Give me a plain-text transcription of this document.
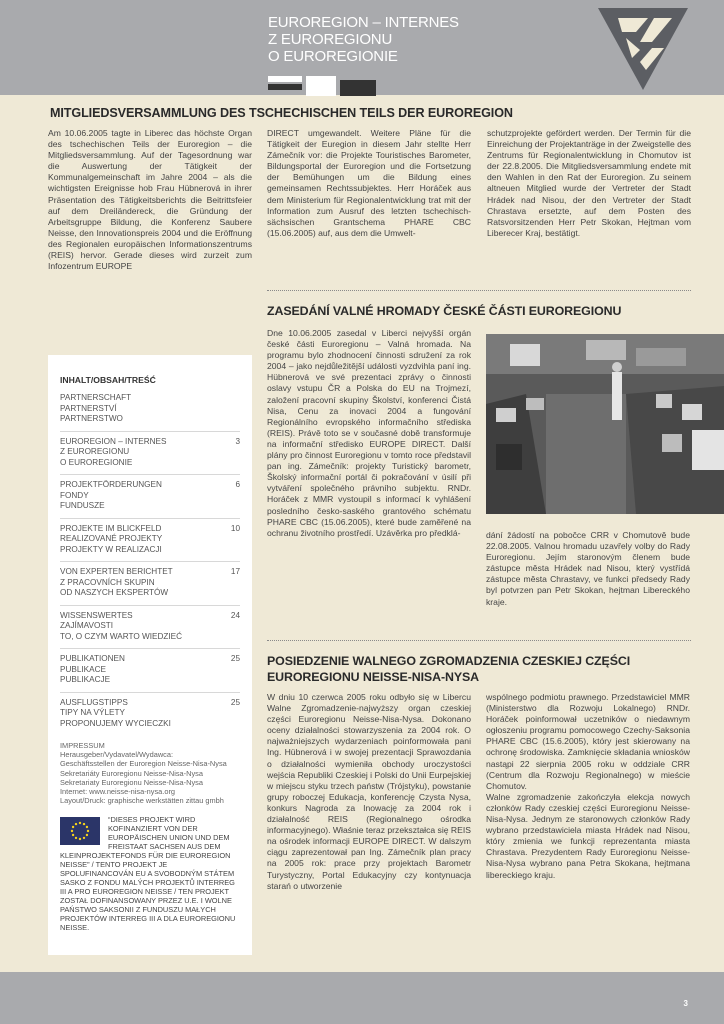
EUROREGION – INTERNES
Z EUROREGIONU
O EUROREGIONIE
MITGLIEDSVERSAMMLUNG DES TSCHECHISCHEN TEILS DER EUROREGION
Am 10.06.2005 tagte in Liberec das höchste Organ des tschechischen Teils der Euroregion – die Mitgliedsversammlung. Auf der Tagesordnung war die Auswertung der Tätigkeit der Kommunalgemeinschaft im Jahre 2004 – als die wichtigsten Ereignisse hob Frau Hübnerová in ihrer Präsentation des Tätigkeitsberichts die Beitrittsfeier auf dem Dreiländereck, die Gründung der Arbeitsgruppe Bildung, die Konferenz Saubere Neisse, den Innovationspreis 2004 und die Eröffnung des Regionalen europäischen Informationszentrums (REIS) hervor. Gerade dieses wird zurzeit zum Infozentrum EUROPE
DIRECT umgewandelt. Weitere Pläne für die Tätigkeit der Euregion in diesem Jahr stellte Herr Zámečník vor: die Projekte Touristisches Barometer, Bildungsportal der Euroregion und die Fortsetzung der Bemühungen um die Bildung eines gemeinsamen Rechtssubjektes. Herr Horáček aus dem Ministerium für Regionalentwicklung trat mit der Information zum Ausruf des letzten tschechisch-sächsischen Grantschema PHARE CBC (15.06.2005) auf, aus dem die Umwelt-
schutzprojekte gefördert werden. Der Termin für die Einreichung der Projektanträge in der Zweigstelle des Zentrums für Regionalentwicklung in Chomutov ist der 22.8.2005. Die Mitgliedsversammlung endete mit den Wahlen in den Rat der Euroregion. Zu seinem altneuen Mitglied wurde der Vertreter der Stadt Hrádek nad Nisou, der den Vertreter der Stadt Chrastava ersetzte, auf dem Posten des Ratsvorsitzenden Herr Petr Skokan, Hejtman vom Liberecer Kraj, bestätigt.
ZASEDÁNÍ VALNÉ HROMADY ČESKÉ ČÁSTI EUROREGIONU
Dne 10.06.2005 zasedal v Liberci nejvyšší orgán české části Euroregionu – Valná hromada. Na programu bylo zhodnocení činnosti sdružení za rok 2004 – jako nejdůležitější události vyzdvihla paní ing. Hübnerová ve své prezentaci zprávy o činnosti oslavy vstupu ČR a Polska do EU na Trojmezí, založení pracovní skupiny Školství, konferenci Čistá Nisa, Cenu za inovaci 2004 a fungování Regionálního evropského informačního střediska (REIS). Právě toto se v současné době transformuje na informační středisko EUROPE DIRECT. Další plány pro činnost Euroregionu v tomto roce představil pan ing. Zámečník: projekty Turistický barometr, Školský informační portál či pokračování v úsilí při vytváření společného právního subjektu. RNDr. Horáček z MMR vystoupil s informací k vyhlášení posledního česko-saského grantového schématu PHARE CBC (15.06.2005), které bude zaměřené na ochranu životního prostředí. Uzávěrka pro předklá-	dání žádostí na pobočce CRR v Chomutově bude 22.08.2005. Valnou hromadu uzavřely volby do Rady Euroregionu. Jejím staronovým členem bude zástupce města Hrádek nad Nisou, který vystřídá zástupce města Chrastavy, ve funkci předsedy Rady byl potvrzen pan Petr Skokan, hejtman Libereckého kraje.
POSIEDZENIE WALNEGO ZGROMADZENIA CZESKIEJ CZĘŚCI
EUROREGIONU NEISSE-NISA-NYSA
W dniu 10 czerwca 2005 roku odbyło się w Libercu Walne Zgromadzenie-najwyższy organ czeskiej części Euroregionu Neisse-Nisa-Nysa. Dokonano oceny działalności stowarzyszenia za 2004 rok. O najważniejszych wydarzeniach poinformowała pani Ing. Hübnerová i w swojej prezentacji Sprawozdania o działalności wymieniła obchody uroczystości wejścia Republiki Czeskiej i Polski do Unii Eurpejskiej w miejscu styku trzech państw (Trójstyku), powstanie grupy roboczej Edukacja, konferencję Czysta Nysa, konkurs Nagroda za Inowację za 2004 rok i działalność REIS (Regionalnego ośrodka informacyjnego). Właśnie teraz przekształca się REIS na ośrodek informacji EUROPE DIRECT. W dalszym ciągu zaprezentował pan Ing. Zámečník plan pracy na 2005 rok: prace przy projektach Barometr Turystyczny, Portal Edukacyjny czy kontynuacja starań o utworzenie

wspólnego podmiotu prawnego. Przedstawiciel MMR (Ministerstwo dla Rozwoju Lokalnego) RNDr. Horáček poinformował uczetników o niedawnym ogłoszeniu programu pomocowego Czechy-Saksonia PHARE CBC (15.6.2005), który jest skierowany na ochronę środowiska. Zamknięcie składania wniosków nastąpi 22 sierpnia 2005 roku w oddziale CRR (Centrum dla Rozwoju Regionalnego) w mieście Chomutov.

Walne zgromadzenie zakończyła elekcja nowych członków Rady czeskiej części Euroregionu Neisse-Nisa-Nysa. Jednym ze staronowych członków Rady wybrano przedstawiciela miasta Hrádek nad Nisou, który zmienia we funkcji reprezentanta miasta Chrastava. Prezydentem Rady Euroregionu Neisse-Nisa-Nysa wybrano pana Petra Skokana, hejtmana libereckiego kraju.

INHALT/OBSAH/TREŚĆ
PARTNERSCHAFT
PARTNERSTVÍ
PARTNERSTWO
EUROREGION – INTERNES
Z EUROREGIONU
O EUROREGIONIE
3
PROJEKTFÖRDERUNGEN
FONDY
FUNDUSZE
6
PROJEKTE IM BLICKFELD
REALIZOVANÉ PROJEKTY
PROJEKTY W REALIZACJI
10
VON EXPERTEN BERICHTET
Z PRACOVNÍCH SKUPIN
OD NASZYCH EKSPERTÓW
17
WISSENSWERTES
ZAJÍMAVOSTI
TO, O CZYM WARTO WIEDZIEĆ
24
PUBLIKATIONEN
PUBLIKACE
PUBLIKACJE
25
AUSFLUGSTIPPS
TIPY NA VÝLETY
PROPONUJEMY WYCIECZKI
25
IMPRESSUM
Herausgeber/Vydavatel/Wydawca:
Geschäftsstellen der Euroregion Neisse-Nisa-Nysa
Sekretariáty Euroregionu Neisse-Nisa-Nysa
Sekretariaty Euroregionu Neisse-Nisa-Nysa
Internet: www.neisse-nisa-nysa.org
Layout/Druck: graphische werkstätten zittau gmbh
“DIESES PROJEKT WIRD KOFINANZIERT VON DER EUROPÄISCHEN UNION UND DEM FREISTAAT SACHSEN AUS DEM KLEINPROJEKTEFONDS FÜR DIE EUROREGION NEISSE” / TENTO PROJEKT JE SPOLUFINANCOVÁN EU A SVOBODNÝM STÁTEM SASKO Z FONDU MALÝCH PROJEKTŮ INTERREG III A PRO EUROREGION NEISSE / TEN PROJEKT ZOSTAŁ DOFINANSOWANY PRZEZ U.E. I WOLNE PAŃSTWO SAKSONII Z FUNDUSZU MAŁYCH PROJEKTÓW INTERREG III A DLA EUROREGIONU NEISSE.
3
